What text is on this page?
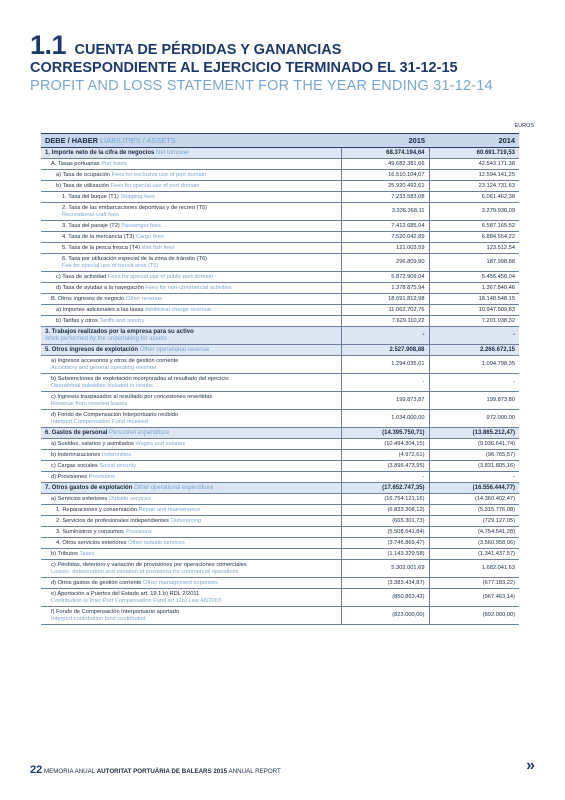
1.1 CUENTA DE PÉRDIDAS Y GANANCIAS
CORRESPONDIENTE AL EJERCICIO TERMINADO EL 31-12-15
PROFIT AND LOSS STATEMENT FOR THE YEAR ENDING 31-12-14
EUROS
DEBE / HABER LIABILITIES / ASSETS	2015	2014
1. Importe neto de la cifra de negocios Net turnover	68.374.194,64	60.691.719,53
A. Tasas portuarias Port taxes	49.682.381,66	42.543.171,38
a) Tasa de ocupación Fees for exclusive use of port domain	16.510.104,07	12.594.141,25
b) Tasa de utilización Fees for special use of port domain	25.920.492,61	23.124.731,63
1. Tasa del buque (T1) Shipping fees	7.233.583,08	6.061.462,38
2. Tasa de las embarcaciones deportivas y de recreo (T5)
Recreational craft fees	3.336.368,11	3.279.938,09
3. Tasa del pasaje (T2) Passenger fees	7.412.685,04	6.587.165,52
4. Tasa de la mercancía (T3) Cargo fees	7.520.042,89	6.884.654,22
5. Tasa de la pesca fresca (T4) Wet fish fees	121.003,59	123.512,54
6. Tasa por utilización especial de la zona de tránsito (T6)
Fee for special use of transit area (T6)	296.809,90	187.998,88
c) Tasa de actividad Fees for special use of public port domain	5.872.909,04	5.456.458,04
d) Tasa de ayudas a la navegación Fees for non-commercial activities	1.378.875,94	1.367.840,46
B. Otros ingresos de negocio Other revenue	18.691.812,98	18.148.548,15
a) Importes adicionales a las tasas Additional charge revenue	11.062.702,76	10.947.509,83
b) Tarifas y otros Tariffs and sundry	7.629.110,22	7.201.038,32
3. Trabajos realizados por la empresa para su activo
Work performed by the undertaking for assets	-	-
5. Otros ingresos de explotación Other operational revenue	2.527.908,88	2.266.672,15
a) Ingresos accesorios y otros de gestión corriente
Accessory and general operating revenue	1.294.035,01	1.094.798,35
b) Subvenciones de explotación incorporadas al resultado del ejercicio
Operational subsidies included in results	-	-
c) Ingresos traspasados al resultado por concesiones revertidas
Revenue from reverted leases	199.873,87	199.873,80
d) Fondo de Compensación Interportuario recibido
Interport Compensation Fund received	1.034.000,00	972.000,00
6. Gastos de personal Personnel expenditure	(14.395.750,71)	(13.865.212,47)
a) Sueldos, salarios y asimilados Wages and salaries	(10.494.304,15)	(9.936.641,74)
b) Indemnizaciones Indemnities	(4.972,61)	(96.765,57)
c) Cargas sociales Social security	(3.896.473,95)	(3.831.805,16)
d) Provisiones Provisions	-	-
7. Otros gastos de explotación Other operational expenditure	(17.652.747,35)	(16.556.444,77)
a) Servicios exteriores Outside services	(16.754.121,16)	(14.360.402,47)
1. Reparaciones y conservación Repair and maintenance	(6.833.308,12)	(5.315.776,08)
2. Servicios de profesionales independientes Outsourcing	(665.301,73)	(729.127,05)
3. Suministros y consumos Provisions	(5.508.641,84)	(4.754.541,28)
4. Otros servicios exteriores Other outside services	(3.746.869,47)	(3.560.958,06)
b) Tributos Taxes	(1.143.329,58)	(1.341.437,57)
c) Pérdidas, deterioro y variación de provisiones por operaciones comerciales
Losses, deterioration and variation of provisions for commercial operations	5.302.001,69	1.682.041,63
d) Otros gastos de gestión corriente Other management expenses	(3.383.434,87)	(677.183,22)
e) Aportación a Puertos del Estado art. 19.1.b) RDL 2/2011
Contribution to Inter-Port Compensation Fund art.11b) Law 48/2003	(850.863,43)	(967.463,14)
f) Fondo de Compensación Interportuario aportado
Interport contribution fund contributed	(823.000,00)	(892.000,00)
22 MEMORIA ANUAL AUTORITAT PORTUÀRIA DE BALEARS 2015 ANNUAL REPORT	»
